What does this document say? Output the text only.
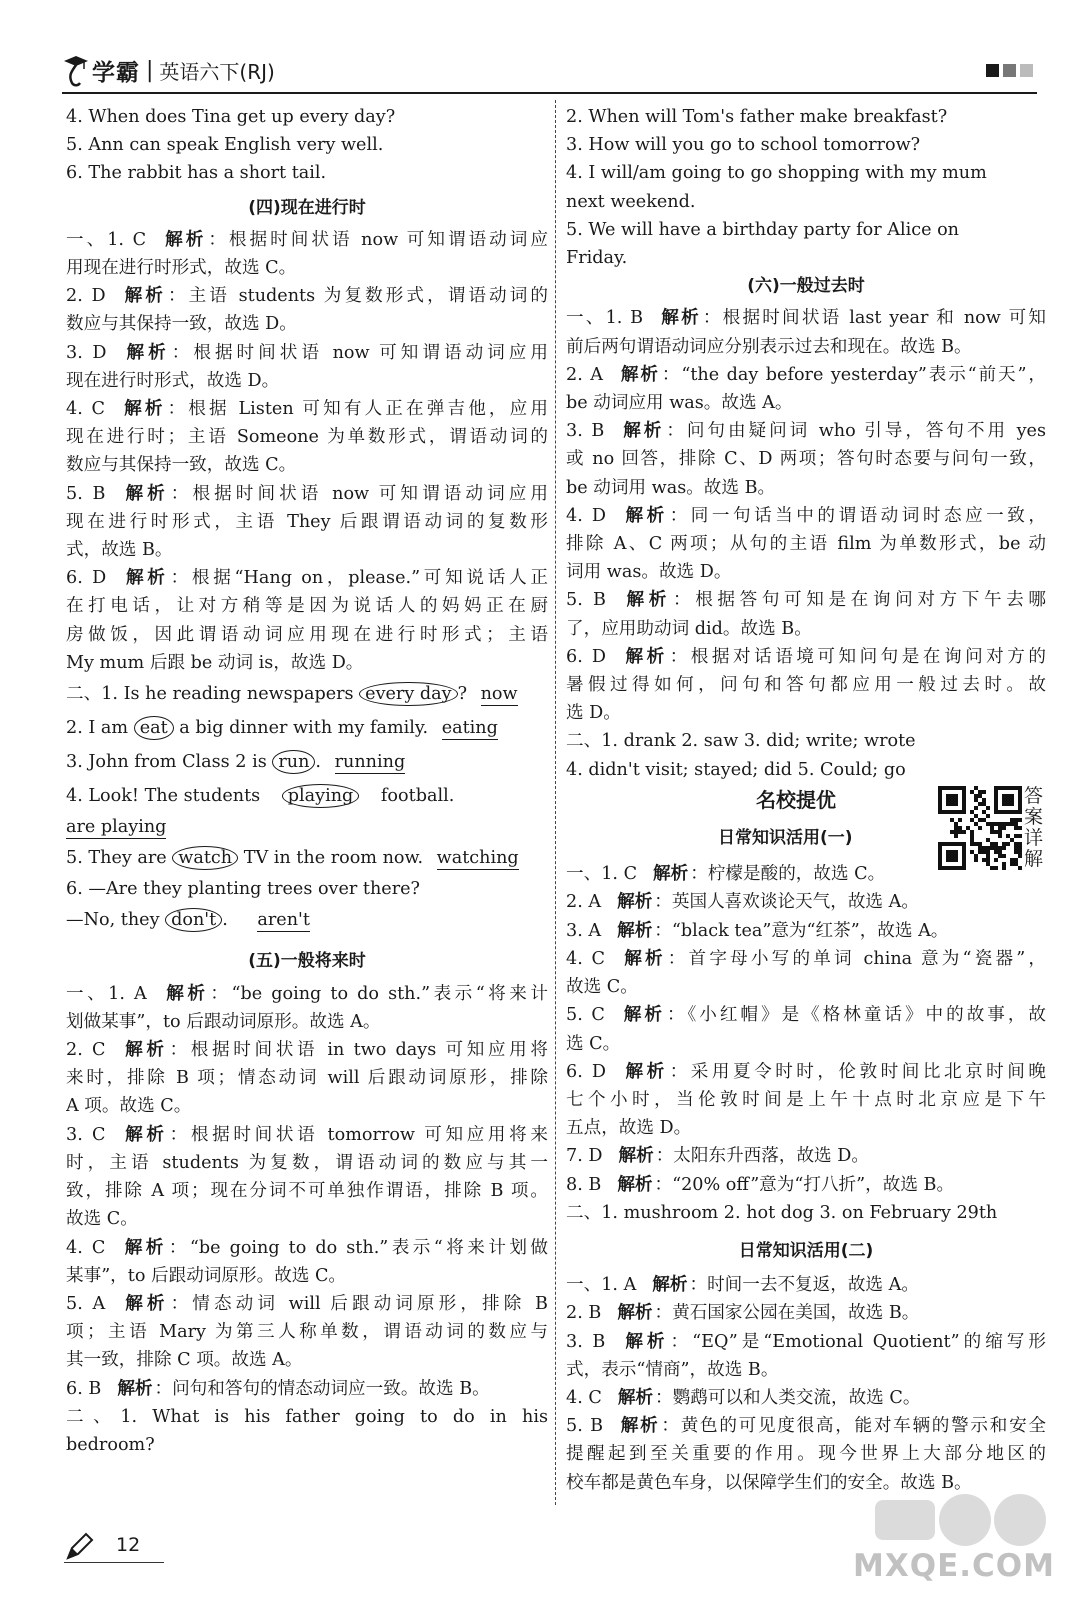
学霸 | 英语六下(RJ)
4. When does Tina get up every day?
5. Ann can speak English very well.
6. The rabbit has a short tail.
(四)现在进行时
一、1. C 解析 ：根据时间状语 now 可知谓语动词应
用现在进行时形式，故选 C。
2. D 解析 ：主语 students 为复数形式，谓语动词的
数应与其保持一致，故选 D。
3. D 解析 ：根据时间状语 now 可知谓语动词应用
现在进行时形式，故选 D。
4. C 解析 ：根据 Listen 可知有人正在弹吉他，应用
现在进行时；主语 Someone 为单数形式，谓语动词的
数应与其保持一致，故选 C。
5. B 解析 ：根据时间状语 now 可知谓语动词应用
现在进行时形式，主语 They 后跟谓语动词的复数形
式，故选 B。
6. D 解析 ：根据“Hang on，please.”可知说话人正
在打电话，让对方稍等是因为说话人的妈妈正在厨
房做饭，因此谓语动词应用现在进行时形式；主语
My mum 后跟 be 动词 is，故选 D。
二、1. Is he reading newspapers every day ? now
2. I am eat a big dinner with my family. eating
3. John from Class 2 is run . running
4. Look! The students playing football.
are playing
5. They are watch TV in the room now. watching
6. —Are they planting trees over there?
—No, they don't . aren't
(五)一般将来时
一、1. A 解析 ：“be going to do sth.”表示“将来计
划做某事”，to 后跟动词原形。故选 A。
2. C 解析 ：根据时间状语 in two days 可知应用将
来时，排除 B 项；情态动词 will 后跟动词原形，排除
A 项。故选 C。
3. C 解析 ：根据时间状语 tomorrow 可知应用将来
时，主语 students 为复数，谓语动词的数应与其一
致，排除 A 项；现在分词不可单独作谓语，排除 B 项。
故选 C。
4. C 解析 ：“be going to do sth.”表示“将来计划做
某事”，to 后跟动词原形。故选 C。
5. A 解析 ：情态动词 will 后跟动词原形，排除 B
项；主语 Mary 为第三人称单数，谓语动词的数应与
其一致，排除 C 项。故选 A。
6. B 解析 ：问句和答句的情态动词应一致。故选 B。
二、1. What is his father going to do in his
bedroom?
2. When will Tom's father make breakfast?
3. How will you go to school tomorrow?
4. I will/am going to go shopping with my mum
next weekend.
5. We will have a birthday party for Alice on
Friday.
(六)一般过去时
一、1. B 解析 ：根据时间状语 last year 和 now 可知
前后两句谓语动词应分别表示过去和现在。故选 B。
2. A 解析 ：“the day before yesterday”表示“前天”，
be 动词应用 was。故选 A。
3. B 解析 ：问句由疑问词 who 引导，答句不用 yes
或 no 回答，排除 C、D 两项；答句时态要与问句一致，
be 动词用 was。故选 B。
4. D 解析 ：同一句话当中的谓语动词时态应一致，
排除 A、C 两项；从句的主语 film 为单数形式，be 动
词用 was。故选 D。
5. B 解析 ：根据答句可知是在询问对方下午去哪
了，应用助动词 did。故选 B。
6. D 解析 ：根据对话语境可知问句是在询问对方的
暑假过得如何，问句和答句都应用一般过去时。故
选 D。
二、1. drank 2. saw 3. did; write; wrote
4. didn't visit; stayed; did 5. Could; go
名校提优	答案详解
日常知识活用(一)
一、1. C 解析 ：柠檬是酸的，故选 C。
2. A 解析 ：英国人喜欢谈论天气，故选 A。
3. A 解析 ：“black tea”意为“红茶”，故选 A。
4. C 解析 ：首字母小写的单词 china 意为“瓷器”，
故选 C。
5. C 解析 ：《小红帽》是《格林童话》中的故事，故
选 C。
6. D 解析 ：采用夏令时时，伦敦时间比北京时间晚
七个小时，当伦敦时间是上午十点时北京应是下午
五点，故选 D。
7. D 解析 ：太阳东升西落，故选 D。
8. B 解析 ：“20% off”意为“打八折”，故选 B。
二、1. mushroom 2. hot dog 3. on February 29th
日常知识活用(二)
一、1. A 解析 ：时间一去不复返，故选 A。
2. B 解析 ：黄石国家公园在美国，故选 B。
3. B 解析 ：“EQ”是“Emotional Quotient”的缩写形
式，表示“情商”，故选 B。
4. C 解析 ：鹦鹉可以和人类交流，故选 C。
5. B 解析 ：黄色的可见度很高，能对车辆的警示和安全
提醒起到至关重要的作用。现今世界上大部分地区的
校车都是黄色车身，以保障学生们的安全。故选 B。
12
MXQE.COM
